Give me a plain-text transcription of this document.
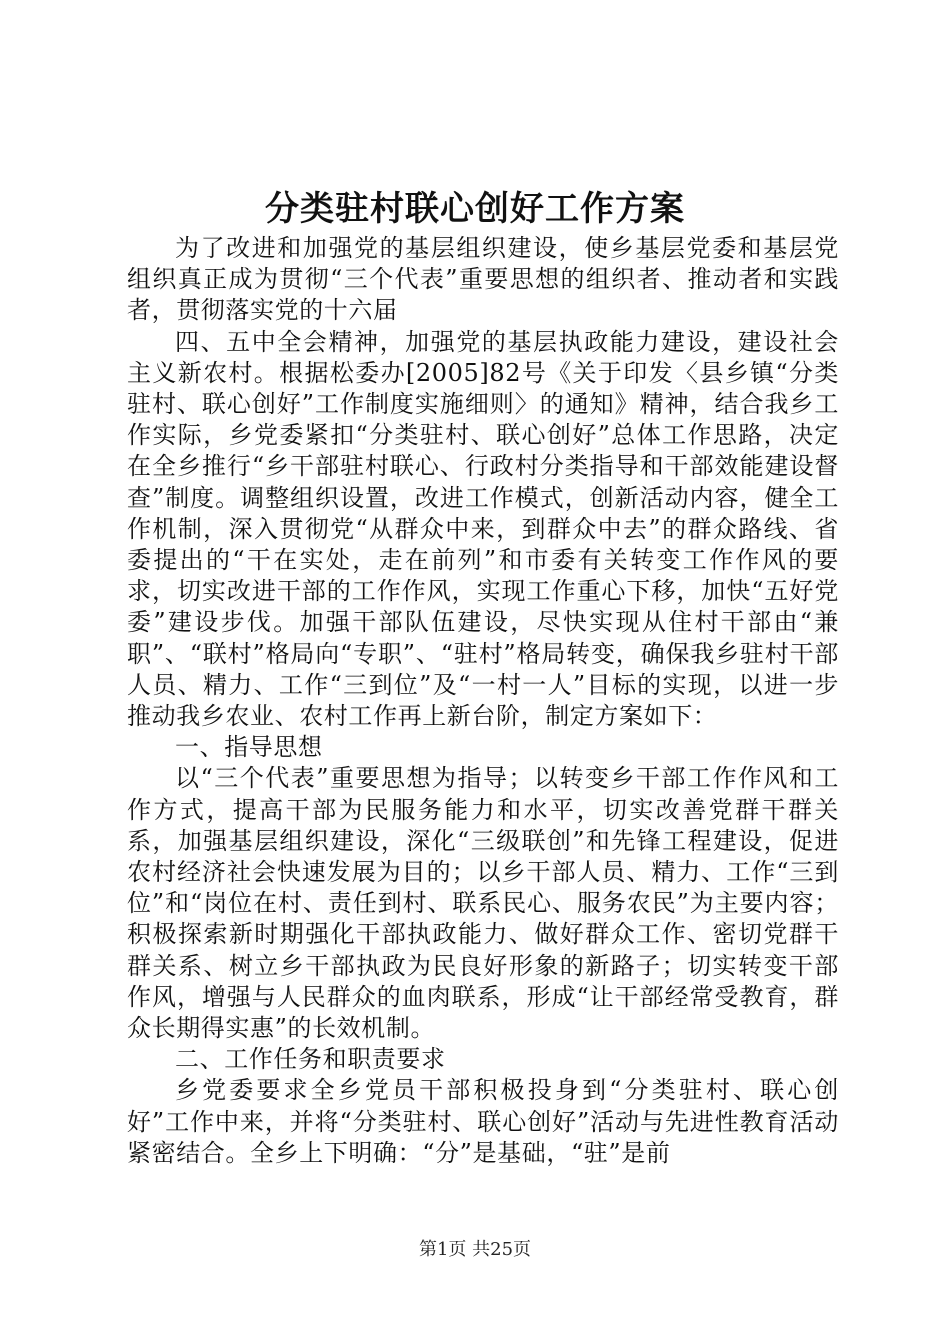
分类驻村联心创好工作方案

为了改进和加强党的基层组织建设，使乡基层党委和基层党组织真正成为贯彻“三个代表”重要思想的组织者、推动者和实践者，贯彻落实党的十六届

四、五中全会精神，加强党的基层执政能力建设，建设社会主义新农村。根据松委办[2005]82号《关于印发〈县乡镇“分类驻村、联心创好”工作制度实施细则〉的通知》精神，结合我乡工作实际，乡党委紧扣“分类驻村、联心创好”总体工作思路，决定在全乡推行“乡干部驻村联心、行政村分类指导和干部效能建设督查”制度。调整组织设置，改进工作模式，创新活动内容，健全工作机制，深入贯彻党“从群众中来，到群众中去”的群众路线、省委提出的“干在实处，走在前列”和市委有关转变工作作风的要求，切实改进干部的工作作风，实现工作重心下移，加快“五好党委”建设步伐。加强干部队伍建设，尽快实现从住村干部由“兼职”、“联村”格局向“专职”、“驻村”格局转变，确保我乡驻村干部人员、精力、工作“三到位”及“一村一人”目标的实现，以进一步推动我乡农业、农村工作再上新台阶，制定方案如下：

一、指导思想

以“三个代表”重要思想为指导；以转变乡干部工作作风和工作方式，提高干部为民服务能力和水平，切实改善党群干群关系，加强基层组织建设，深化“三级联创”和先锋工程建设，促进农村经济社会快速发展为目的；以乡干部人员、精力、工作“三到位”和“岗位在村、责任到村、联系民心、服务农民”为主要内容；积极探索新时期强化干部执政能力、做好群众工作、密切党群干群关系、树立乡干部执政为民良好形象的新路子；切实转变干部作风，增强与人民群众的血肉联系，形成“让干部经常受教育，群众长期得实惠”的长效机制。

二、工作任务和职责要求

乡党委要求全乡党员干部积极投身到“分类驻村、联心创好”工作中来，并将“分类驻村、联心创好”活动与先进性教育活动紧密结合。全乡上下明确：“分”是基础，“驻”是前

第1页 共25页
